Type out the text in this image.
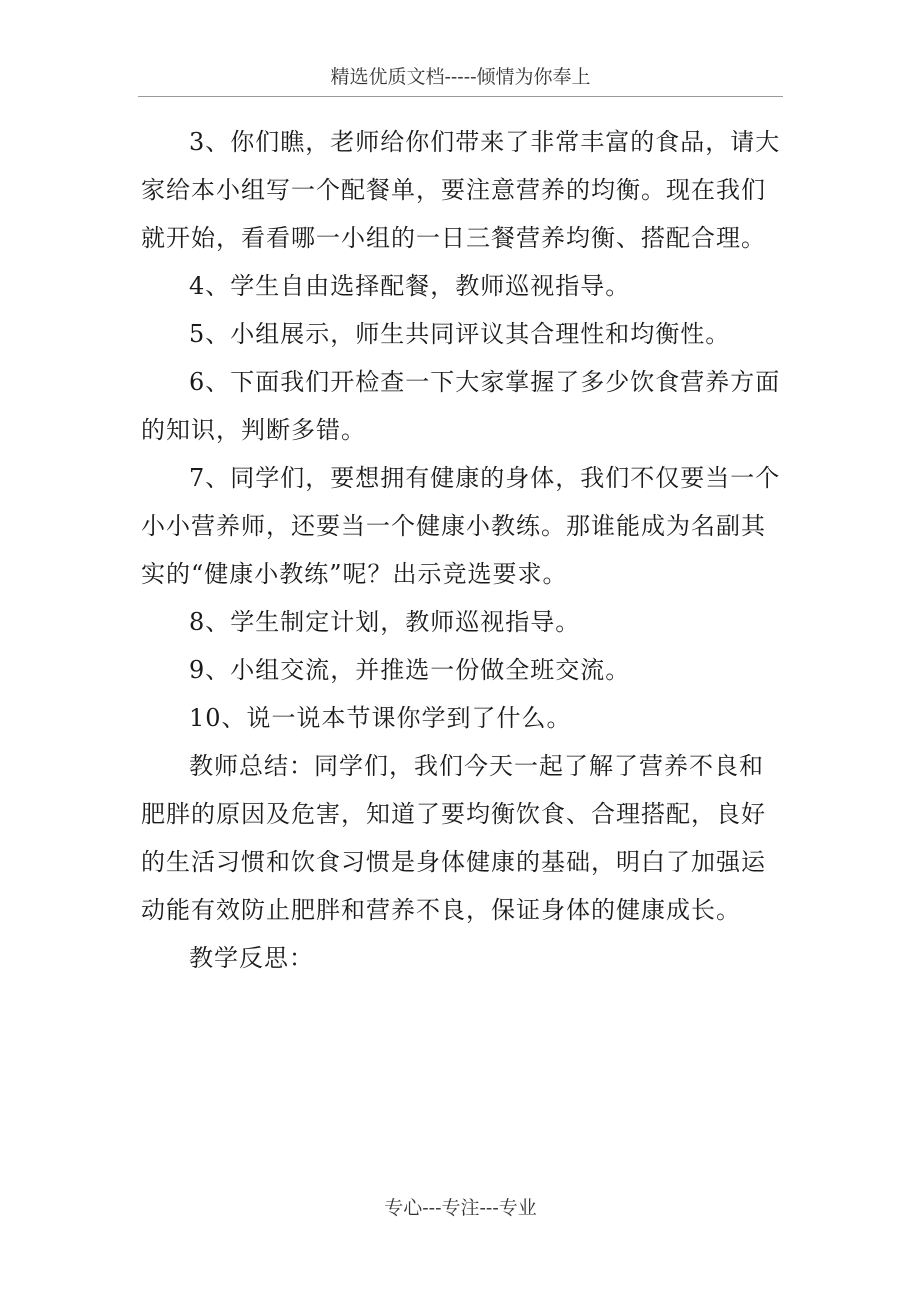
精选优质文档-----倾情为你奉上

3、你们瞧，老师给你们带来了非常丰富的食品，请大家给本小组写一个配餐单，要注意营养的均衡。现在我们就开始，看看哪一小组的一日三餐营养均衡、搭配合理。

4、学生自由选择配餐，教师巡视指导。

5、小组展示，师生共同评议其合理性和均衡性。

6、下面我们开检查一下大家掌握了多少饮食营养方面的知识，判断多错。

7、同学们，要想拥有健康的身体，我们不仅要当一个小小营养师，还要当一个健康小教练。那谁能成为名副其实的“健康小教练”呢？出示竞选要求。

8、学生制定计划，教师巡视指导。

9、小组交流，并推选一份做全班交流。

10、说一说本节课你学到了什么。

教师总结：同学们，我们今天一起了解了营养不良和肥胖的原因及危害，知道了要均衡饮食、合理搭配，良好的生活习惯和饮食习惯是身体健康的基础，明白了加强运动能有效防止肥胖和营养不良，保证身体的健康成长。

教学反思：

专心---专注---专业
